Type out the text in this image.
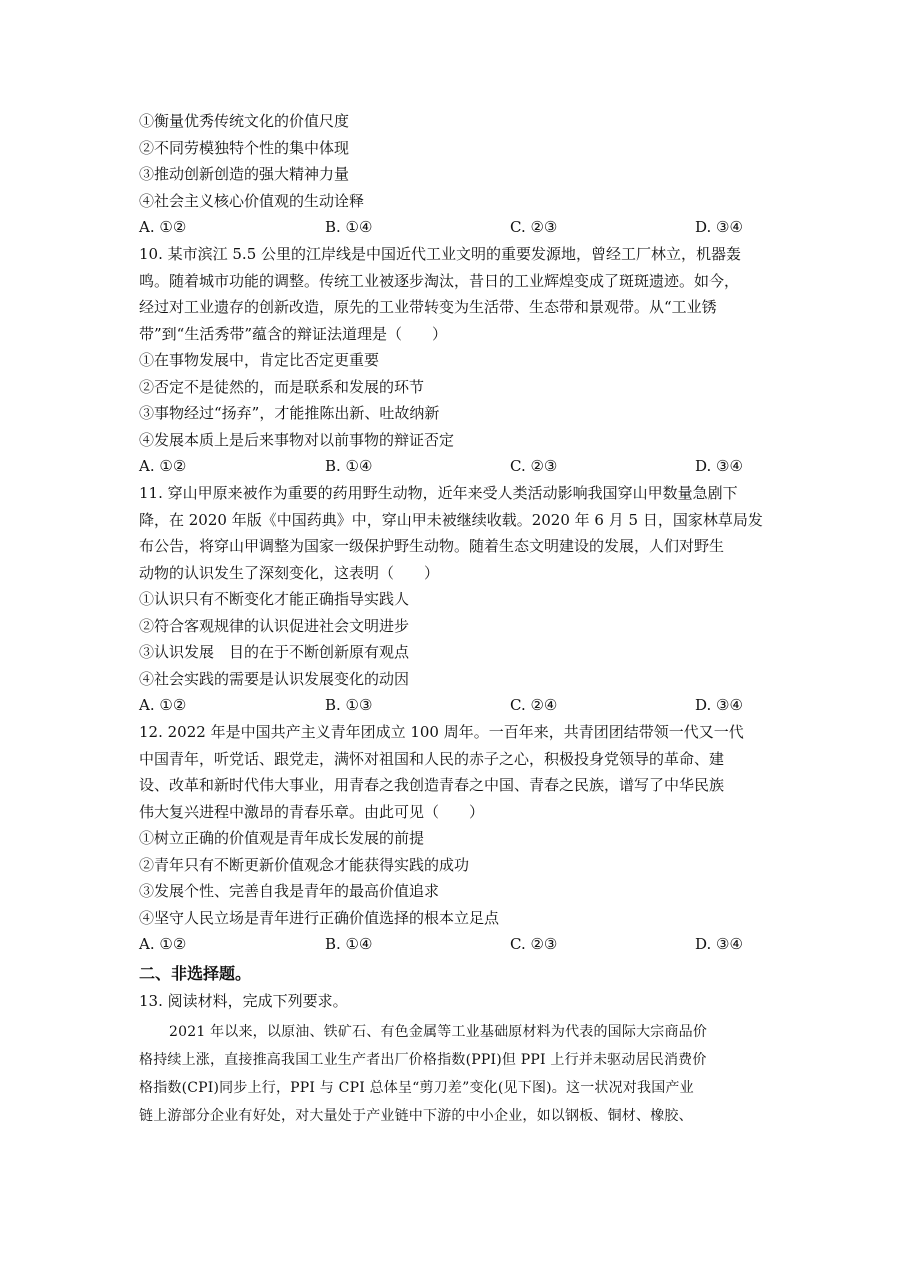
①衡量优秀传统文化的价值尺度
②不同劳模独特个性的集中体现
③推动创新创造的强大精神力量
④社会主义核心价值观的生动诠释
A. ①②	B. ①④	C. ②③	D. ③④
10. 某市滨江 5.5 公里的江岸线是中国近代工业文明的重要发源地，曾经工厂林立，机器轰
鸣。随着城市功能的调整。传统工业被逐步淘汰，昔日的工业辉煌变成了斑斑遗迹。如今，
经过对工业遗存的创新改造，原先的工业带转变为生活带、生态带和景观带。从“工业锈
带”到“生活秀带”蕴含的辩证法道理是（　　）
①在事物发展中，肯定比否定更重要
②否定不是徒然的，而是联系和发展的环节
③事物经过“扬弃”，才能推陈出新、吐故纳新
④发展本质上是后来事物对以前事物的辩证否定
A. ①②	B. ①④	C. ②③	D. ③④
11. 穿山甲原来被作为重要的药用野生动物，近年来受人类活动影响我国穿山甲数量急剧下
降，在 2020 年版《中国药典》中，穿山甲未被继续收载。2020 年 6 月 5 日，国家林草局发
布公告，将穿山甲调整为国家一级保护野生动物。随着生态文明建设的发展，人们对野生
动物的认识发生了深刻变化，这表明（　　）
①认识只有不断变化才能正确指导实践人
②符合客观规律的认识促进社会文明进步
③认识发展　目的在于不断创新原有观点
④社会实践的需要是认识发展变化的动因
A. ①②	B. ①③	C. ②④	D. ③④
12. 2022 年是中国共产主义青年团成立 100 周年。一百年来，共青团团结带领一代又一代
中国青年，听党话、跟党走，满怀对祖国和人民的赤子之心，积极投身党领导的革命、建
设、改革和新时代伟大事业，用青春之我创造青春之中国、青春之民族，谱写了中华民族
伟大复兴进程中激昂的青春乐章。由此可见（　　）
①树立正确的价值观是青年成长发展的前提
②青年只有不断更新价值观念才能获得实践的成功
③发展个性、完善自我是青年的最高价值追求
④坚守人民立场是青年进行正确价值选择的根本立足点
A. ①②	B. ①④	C. ②③	D. ③④
二、非选择题。
13. 阅读材料，完成下列要求。
2021 年以来，以原油、铁矿石、有色金属等工业基础原材料为代表的国际大宗商品价
格持续上涨，直接推高我国工业生产者出厂价格指数(PPI)但 PPI 上行并未驱动居民消费价
格指数(CPI)同步上行，PPI 与 CPI 总体呈“剪刀差”变化(见下图)。这一状况对我国产业
链上游部分企业有好处，对大量处于产业链中下游的中小企业，如以钢板、铜材、橡胶、
